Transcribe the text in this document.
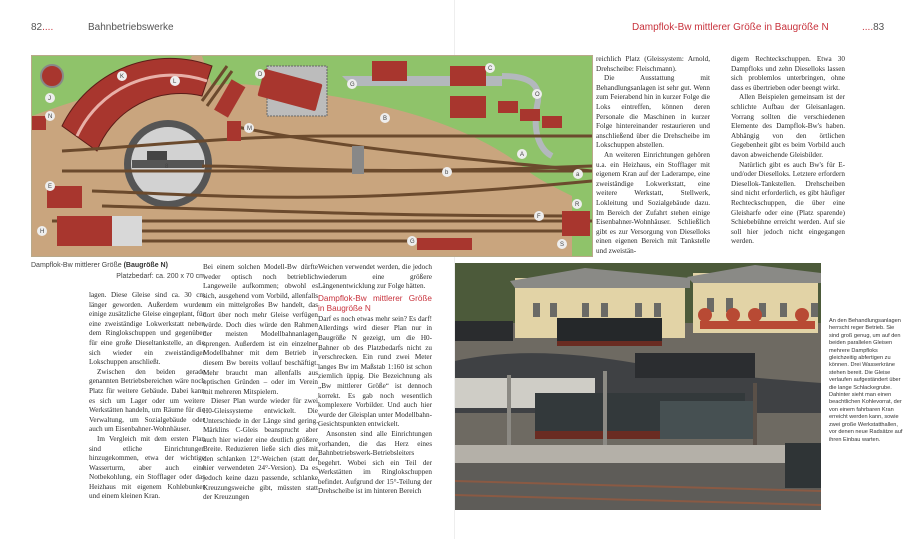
82....	Bahnbetriebswerke	Dampflok-Bw mittlerer Größe in Baugröße N	....83
K
J
L
D
M
N
E
H
C
O
A
R
S
B
F
G
G
a
b
8
Dampflok-Bw mittlerer Größe (Baugröße N)
Platzbedarf: ca. 200 x 70 cm

lagen. Diese Gleise sind ca. 30 cm länger geworden. Außerdem wurden einige zusätzliche Gleise eingeplant, für eine zweiständige Lokwerkstatt neben dem Ringlokschuppen und gegenüber für eine große Dieseltankstelle, an die sich wieder ein zweiständiger Lokschuppen anschließt.

Zwischen den beiden gerade genannten Betriebsbereichen wäre noch Platz für weitere Gebäude. Dabei kann es sich um Lager oder um weitere Werkstätten handeln, um Räume für die Verwaltung, um Sozialgebäude oder auch um Eisenbahner-Wohnhäuser.

Im Vergleich mit dem ersten Plan sind etliche Einrichtungen hinzugekommen, etwa der wichtige Wasserturm, aber auch eine Notbekohlung, ein Stofflager oder das Heizhaus mit eigenem Kohlebunker und einem kleinen Kran.

Bei einem solchen Modell-Bw dürfte weder optisch noch betrieblich Langeweile aufkommen; obwohl es sich, ausgehend vom Vorbild, allenfalls um ein mittelgroßes Bw handelt, das dort über noch mehr Gleise verfügen würde. Doch dies würde den Rahmen der meisten Modellbahnanlagen sprengen. Außerdem ist ein einzelner Modellbahner mit dem Betrieb in diesem Bw bereits vollauf beschäftigt. Mehr braucht man allenfalls aus optischen Gründen – oder im Verein mit mehreren Mitspielern.

Dieser Plan wurde wieder für zwei H0-Gleissysteme entwickelt. Die Unterschiede in der Länge sind gering. Märklins C-Gleis beansprucht aber auch hier wieder eine deutlich größere Breite. Reduzieren ließe sich dies mit den schlanken 12°-Weichen (statt der hier verwendeten 24°-Version). Da es jedoch keine dazu passende, schlanke Kreuzungsweiche gibt, müssten statt der Kreuzungen

Weichen verwendet werden, die jedoch wiederum eine größere Längenentwicklung zur Folge hätten.

Dampflok-Bw mittlerer Größe in Baugröße N

Darf es noch etwas mehr sein? Es darf! Allerdings wird dieser Plan nur in Baugröße N gezeigt, um die H0-Bahner ob des Platzbedarfs nicht zu verschrecken. Ein rund zwei Meter langes Bw im Maßstab 1:160 ist schon ziemlich üppig. Die Bezeichnung als „Bw mittlerer Größe“ ist dennoch korrekt. Es gab noch wesentlich komplexere Vorbilder. Und auch hier wurde der Gleisplan unter Modellbahn-Gesichtspunkten entwickelt.

Ansonsten sind alle Einrichtungen vorhanden, die das Herz eines Bahnbetriebswerk-Betriebsleiters begehrt. Wobei sich ein Teil der Werkstätten im Ringlokschuppen befindet. Aufgrund der 15°-Teilung der Drehscheibe ist im hinteren Bereich

reichlich Platz (Gleissystem: Arnold, Drehscheibe: Fleischmann).

Die Ausstattung mit Behandlungsanlagen ist sehr gut. Wenn zum Feierabend hin in kurzer Folge die Loks eintreffen, können deren Personale die Maschinen in kurzer Folge hintereinander restaurieren und anschließend über die Drehscheibe im Lokschuppen abstellen.

An weiteren Einrichtungen gehören u.a. ein Heizhaus, ein Stofflager mit eigenem Kran auf der Laderampe, eine zweiständige Lokwerkstatt, eine weitere Werkstatt, Stellwerk, Lokleitung und Sozialgebäude dazu. Im Bereich der Zufahrt stehen einige Eisenbahner-Wohnhäuser. Schließlich gibt es zur Versorgung von Dieselloks einen eigenen Bereich mit Tankstelle und zweistän-

digem Rechteckschuppen. Etwa 30 Dampfloks und zehn Dieselloks lassen sich problemlos unterbringen, ohne dass es übertrieben oder beengt wirkt.

Allen Beispielen gemeinsam ist der schlichte Aufbau der Gleisanlagen. Vorrang sollten die verschiedenen Elemente des Dampflok-Bw's haben. Abhängig von den örtlichen Gegebenheit gibt es beim Vorbild auch davon abweichende Gleisbilder.

Natürlich gibt es auch Bw's für E- und/oder Dieselloks. Letztere erfordern Diesellok-Tankstellen. Drehscheiben sind nicht erforderlich, es gibt häufiger Rechteckschuppen, die über eine Gleisharfe oder eine (Platz sparende) Schiebebühne erreicht werden. Auf sie soll hier jedoch nicht eingegangen werden.

An den Behandlungsanlagen herrscht reger Betrieb. Sie sind groß genug, um auf den beiden parallelen Gleisen mehrere Dampfloks gleichzeitig abfertigen zu können. Drei Wasserkräne stehen bereit. Die Gleise verlaufen aufgeständert über die lange Schlackegrube. Dahinter sieht man einen beachtlichen Kohlevorrat, der von einem fahrbaren Kran erreicht werden kann, sowie zwei große Werkstatthallen, vor denen neue Radsätze auf ihren Einbau warten.
